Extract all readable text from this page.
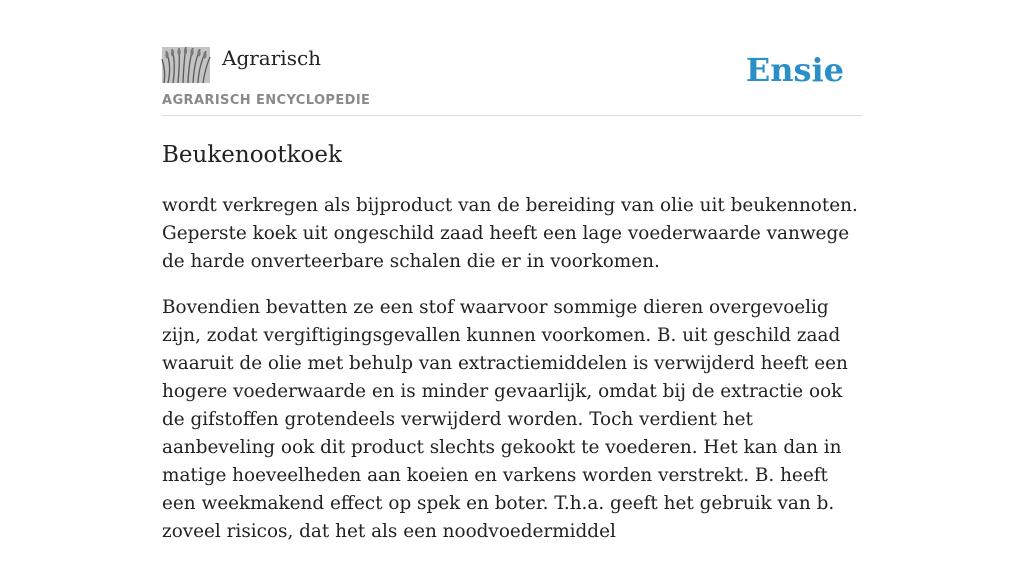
Agrarisch
AGRARISCH ENCYCLOPEDIE
Ensie
Beukenootkoek

wordt verkregen als bijproduct van de bereiding van olie uit beukennoten. Geperste koek uit ongeschild zaad heeft een lage voederwaarde vanwege de harde onverteerbare schalen die er in voorkomen.

Bovendien bevatten ze een stof waarvoor sommige dieren overgevoelig zijn, zodat vergiftigingsgevallen kunnen voorkomen. B. uit geschild zaad waaruit de olie met behulp van extractiemiddelen is verwijderd heeft een hogere voederwaarde en is minder gevaarlijk, omdat bij de extractie ook de gifstoffen grotendeels verwijderd worden. Toch verdient het aanbeveling ook dit product slechts gekookt te voederen. Het kan dan in matige hoeveelheden aan koeien en varkens worden verstrekt. B. heeft een weekmakend effect op spek en boter. T.h.a. geeft het gebruik van b. zoveel risicos, dat het als een noodvoedermiddel
